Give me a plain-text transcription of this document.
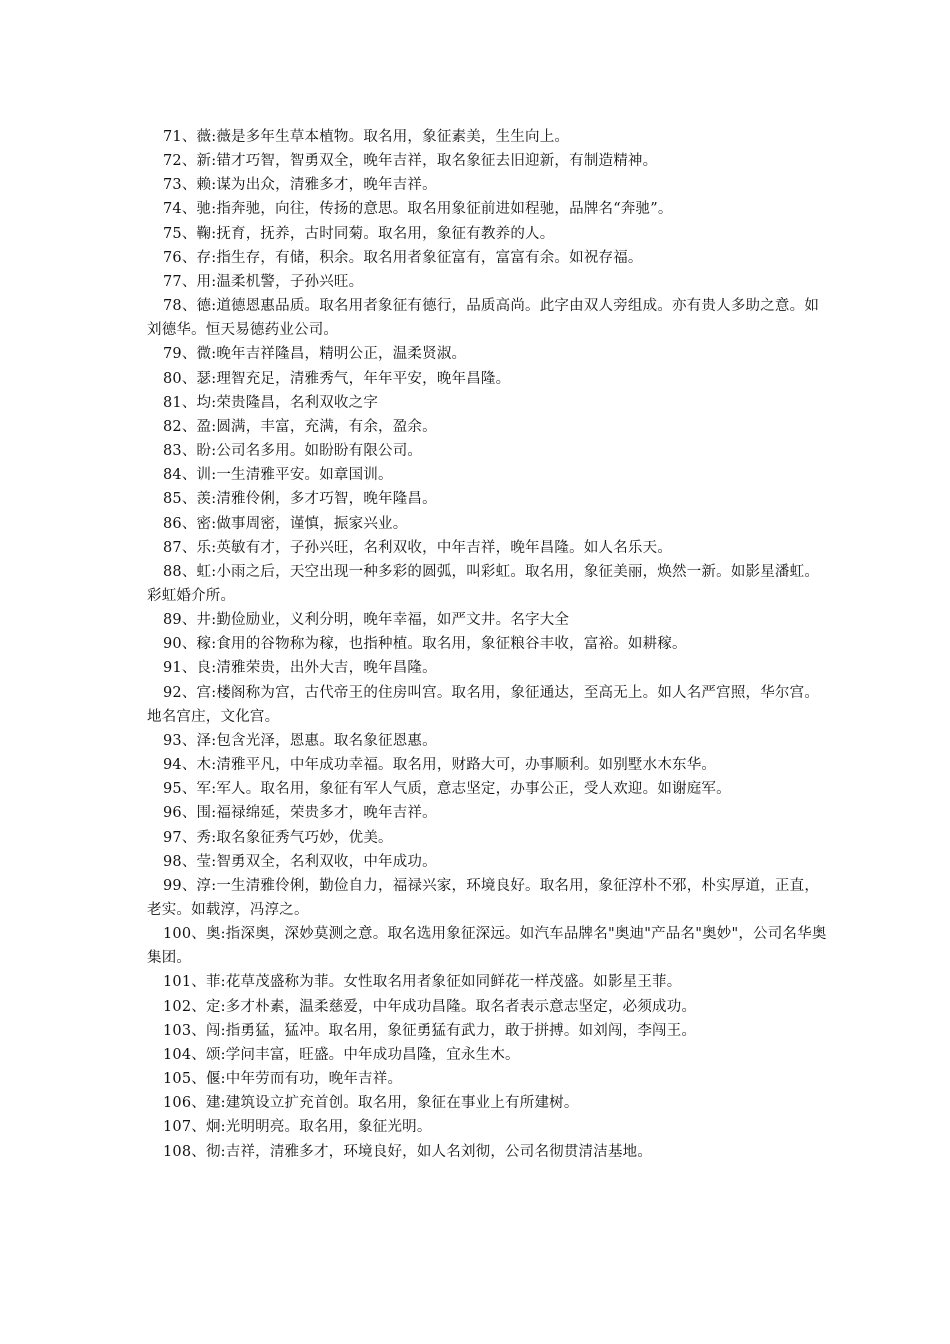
71、薇:薇是多年生草本植物。取名用，象征素美，生生向上。

72、新:错才巧智，智勇双全，晚年吉祥，取名象征去旧迎新，有制造精神。

73、赖:谋为出众，清雅多才，晚年吉祥。

74、驰:指奔驰，向往，传扬的意思。取名用象征前进如程驰，品牌名“奔驰”。

75、鞠:抚育，抚养，古时同菊。取名用，象征有教养的人。

76、存:指生存，有储，积余。取名用者象征富有，富富有余。如祝存福。

77、用:温柔机警，子孙兴旺。

78、德:道德恩惠品质。取名用者象征有德行，品质高尚。此字由双人旁组成。亦有贵人多助之意。如刘德华。恒天易德药业公司。

79、微:晚年吉祥隆昌，精明公正，温柔贤淑。

80、瑟:理智充足，清雅秀气，年年平安，晚年昌隆。

81、均:荣贵隆昌，名利双收之字

82、盈:圆满，丰富，充满，有余，盈余。

83、盼:公司名多用。如盼盼有限公司。

84、训:一生清雅平安。如章国训。

85、羡:清雅伶俐，多才巧智，晚年隆昌。

86、密:做事周密，谨慎，振家兴业。

87、乐:英敏有才，子孙兴旺，名利双收，中年吉祥，晚年昌隆。如人名乐天。

88、虹:小雨之后，天空出现一种多彩的圆弧，叫彩虹。取名用，象征美丽，焕然一新。如影星潘虹。彩虹婚介所。

89、井:勤俭励业，义利分明，晚年幸福，如严文井。名字大全

90、稼:食用的谷物称为稼，也指种植。取名用，象征粮谷丰收，富裕。如耕稼。

91、良:清雅荣贵，出外大吉，晚年昌隆。

92、宫:楼阁称为宫，古代帝王的住房叫宫。取名用，象征通达，至高无上。如人名严宫照，华尔宫。地名宫庄，文化宫。

93、泽:包含光泽，恩惠。取名象征恩惠。

94、木:清雅平凡，中年成功幸福。取名用，财路大可，办事顺利。如别墅水木东华。

95、军:军人。取名用，象征有军人气质，意志坚定，办事公正，受人欢迎。如谢庭军。

96、围:福禄绵延，荣贵多才，晚年吉祥。

97、秀:取名象征秀气巧妙，优美。

98、莹:智勇双全，名利双收，中年成功。

99、淳:一生清雅伶俐，勤俭自力，福禄兴家，环境良好。取名用，象征淳朴不邪，朴实厚道，正直，老实。如载淳，冯淳之。

100、奥:指深奥，深妙莫测之意。取名选用象征深远。如汽车品牌名"奥迪"产品名"奥妙"，公司名华奥集团。

101、菲:花草茂盛称为菲。女性取名用者象征如同鲜花一样茂盛。如影星王菲。

102、定:多才朴素，温柔慈爱，中年成功昌隆。取名者表示意志坚定，必须成功。

103、闯:指勇猛，猛冲。取名用，象征勇猛有武力，敢于拼搏。如刘闯，李闯王。

104、颂:学问丰富，旺盛。中年成功昌隆，宜永生木。

105、偃:中年劳而有功，晚年吉祥。

106、建:建筑设立扩充首创。取名用，象征在事业上有所建树。

107、炯:光明明亮。取名用，象征光明。

108、彻:吉祥，清雅多才，环境良好，如人名刘彻，公司名彻贯清洁基地。
